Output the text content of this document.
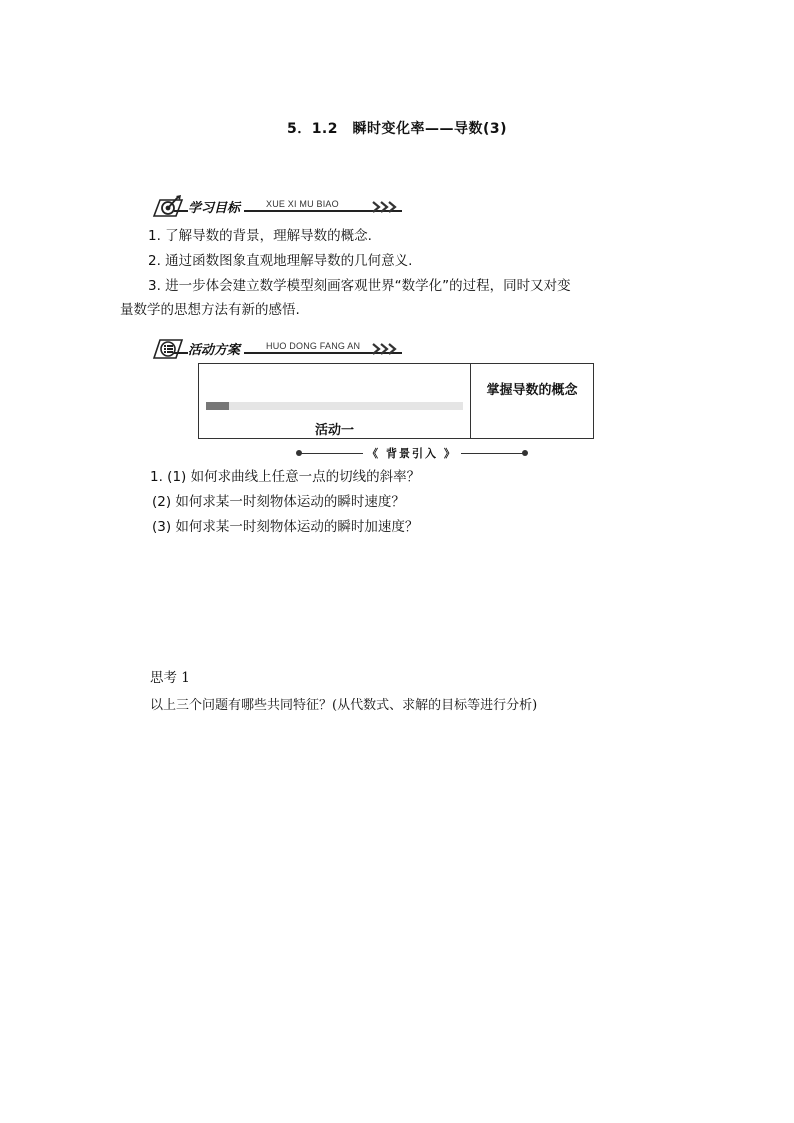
5．1.2　瞬时变化率——导数(3)
学习目标	XUE XI MU BIAO
1. 了解导数的背景，理解导数的概念.
2. 通过函数图象直观地理解导数的几何意义.
3. 进一步体会建立数学模型刻画客观世界“数学化”的过程，同时又对变
量数学的思想方法有新的感悟.
活动方案	HUO DONG FANG AN
活动一
掌握导数的概念
《 背景引入 》
1. (1) 如何求曲线上任意一点的切线的斜率？
(2) 如何求某一时刻物体运动的瞬时速度？
(3) 如何求某一时刻物体运动的瞬时加速度？
思考 1
以上三个问题有哪些共同特征？(从代数式、求解的目标等进行分析)
